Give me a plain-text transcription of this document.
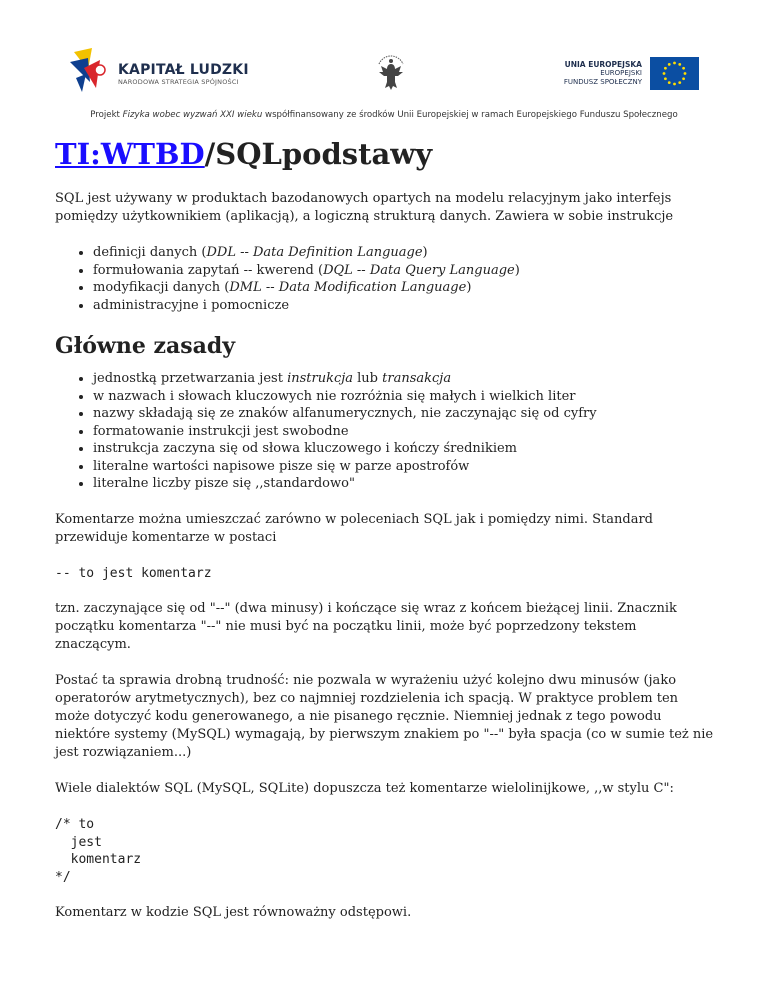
KAPITAŁ LUDZKI
NARODOWA STRATEGIA SPÓJNOŚCI
UNIA EUROPEJSKA
EUROPEJSKI
FUNDUSZ SPOŁECZNY
Projekt Fizyka wobec wyzwań XXI wieku współfinansowany ze środków Unii Europejskiej w ramach Europejskiego Funduszu Społecznego
TI:WTBD/SQLpodstawy

SQL jest używany w produktach bazodanowych opartych na modelu relacyjnym jako interfejs pomiędzy użytkownikiem (aplikacją), a logiczną strukturą danych. Zawiera w sobie instrukcje

• definicji danych (DDL -- Data Definition Language)
• formułowania zapytań -- kwerend (DQL -- Data Query Language)
• modyfikacji danych (DML -- Data Modification Language)
• administracyjne i pomocnicze
Główne zasady
• jednostką przetwarzania jest instrukcja lub transakcja
• w nazwach i słowach kluczowych nie rozróżnia się małych i wielkich liter
• nazwy składają się ze znaków alfanumerycznych, nie zaczynając się od cyfry
• formatowanie instrukcji jest swobodne
• instrukcja zaczyna się od słowa kluczowego i kończy średnikiem
• literalne wartości napisowe pisze się w parze apostrofów
• literalne liczby pisze się ,,standardowo"

Komentarze można umieszczać zarówno w poleceniach SQL jak i pomiędzy nimi. Standard przewiduje komentarze w postaci

-- to jest komentarz

tzn. zaczynające się od "--" (dwa minusy) i kończące się wraz z końcem bieżącej linii. Znacznik początku komentarza "--" nie musi być na początku linii, może być poprzedzony tekstem znaczącym.

Postać ta sprawia drobną trudność: nie pozwala w wyrażeniu użyć kolejno dwu minusów (jako operatorów arytmetycznych), bez co najmniej rozdzielenia ich spacją. W praktyce problem ten może dotyczyć kodu generowanego, a nie pisanego ręcznie. Niemniej jednak z tego powodu niektóre systemy (MySQL) wymagają, by pierwszym znakiem po "--" była spacja (co w sumie też nie jest rozwiązaniem...)

Wiele dialektów SQL (MySQL, SQLite) dopuszcza też komentarze wielolinijkowe, ,,w stylu C":

/* to
jest
komentarz
*/

Komentarz w kodzie SQL jest równoważny odstępowi.
